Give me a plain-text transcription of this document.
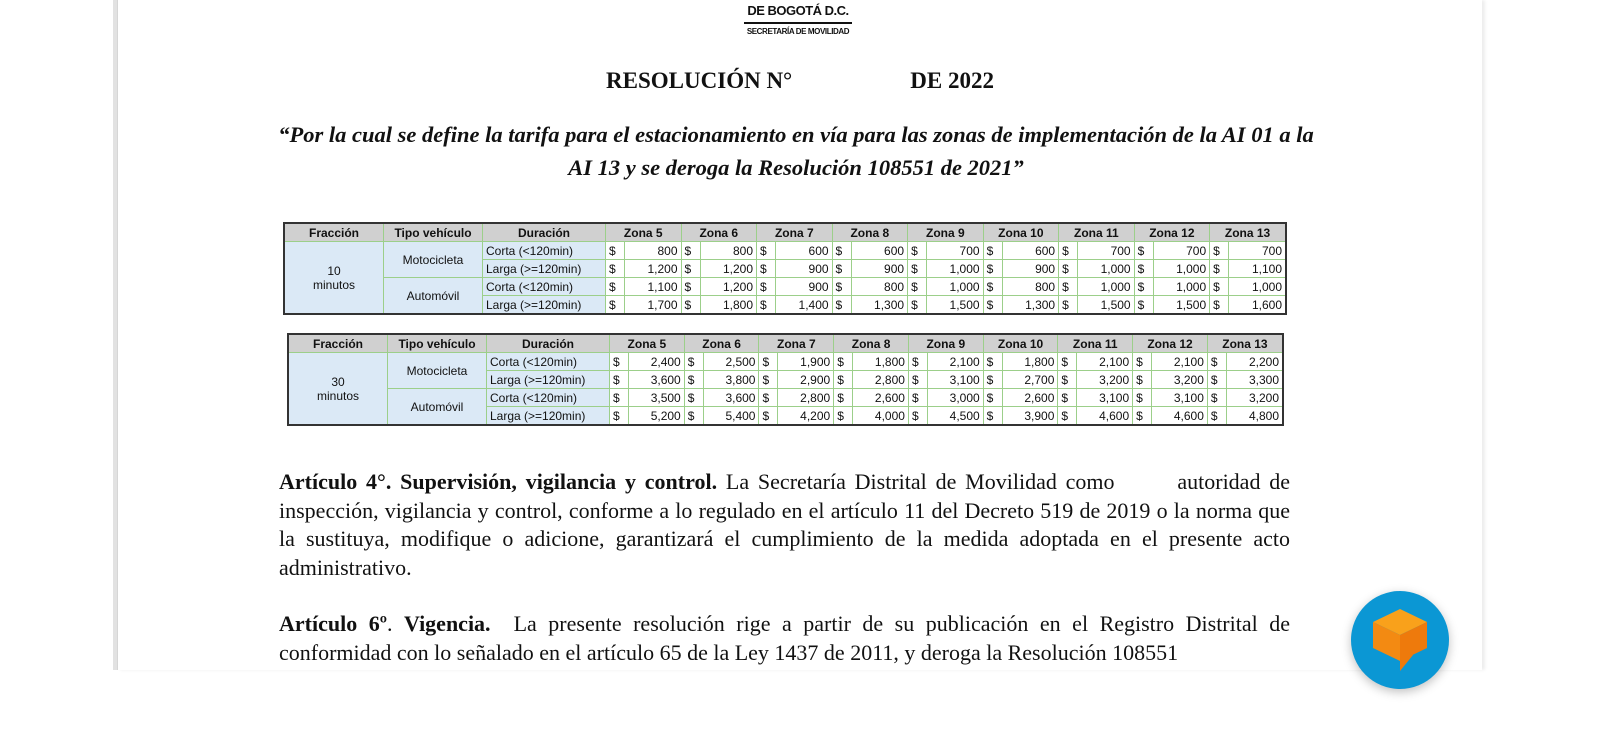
DE BOGOTÁ D.C.
SECRETARÍA DE MOVILIDAD
RESOLUCIÓN N°	DE 2022
“Por la cual se define la tarifa para el estacionamiento en vía para las zonas de implementación de la AI 01 a la AI 13 y se deroga la Resolución 108551 de 2021”
Fracción	Tipo vehículo	Duración	Zona 5		Zona 6		Zona 7		Zona 8		Zona 9		Zona 10		Zona 11		Zona 12		Zona 13	

10
minutos	Motocicleta	Corta (<120min)	$	800	$	800	$	600	$	600	$	700	$	600	$	700	$	700	$	700
		Larga (>=120min)	$	1,200	$	1,200	$	900	$	900	$	1,000	$	900	$	1,000	$	1,000	$	1,100
	Automóvil	Corta (<120min)	$	1,100	$	1,200	$	900	$	800	$	1,000	$	800	$	1,000	$	1,000	$	1,000
		Larga (>=120min)	$	1,700	$	1,800	$	1,400	$	1,300	$	1,500	$	1,300	$	1,500	$	1,500	$	1,600
Fracción	Tipo vehículo	Duración	Zona 5		Zona 6		Zona 7		Zona 8		Zona 9		Zona 10		Zona 11		Zona 12		Zona 13	

30
minutos	Motocicleta	Corta (<120min)	$	2,400	$	2,500	$	1,900	$	1,800	$	2,100	$	1,800	$	2,100	$	2,100	$	2,200
		Larga (>=120min)	$	3,600	$	3,800	$	2,900	$	2,800	$	3,100	$	2,700	$	3,200	$	3,200	$	3,300
	Automóvil	Corta (<120min)	$	3,500	$	3,600	$	2,800	$	2,600	$	3,000	$	2,600	$	3,100	$	3,100	$	3,200
		Larga (>=120min)	$	5,200	$	5,400	$	4,200	$	4,000	$	4,500	$	3,900	$	4,600	$	4,600	$	4,800
Artículo 4°. Supervisión, vigilancia y control. La Secretaría Distrital de Movilidad como	autoridad de inspección, vigilancia y control, conforme a lo regulado en el artículo 11 del Decreto 519 de 2019 o la norma que la sustituya, modifique o adicione, garantizará el cumplimiento de la medida adoptada en el presente acto administrativo.
Artículo 6º. Vigencia.  La presente resolución rige a partir de su publicación en el Registro Distrital de conformidad con lo señalado en el artículo 65 de la Ley 1437 de 2011, y deroga la Resolución 108551
